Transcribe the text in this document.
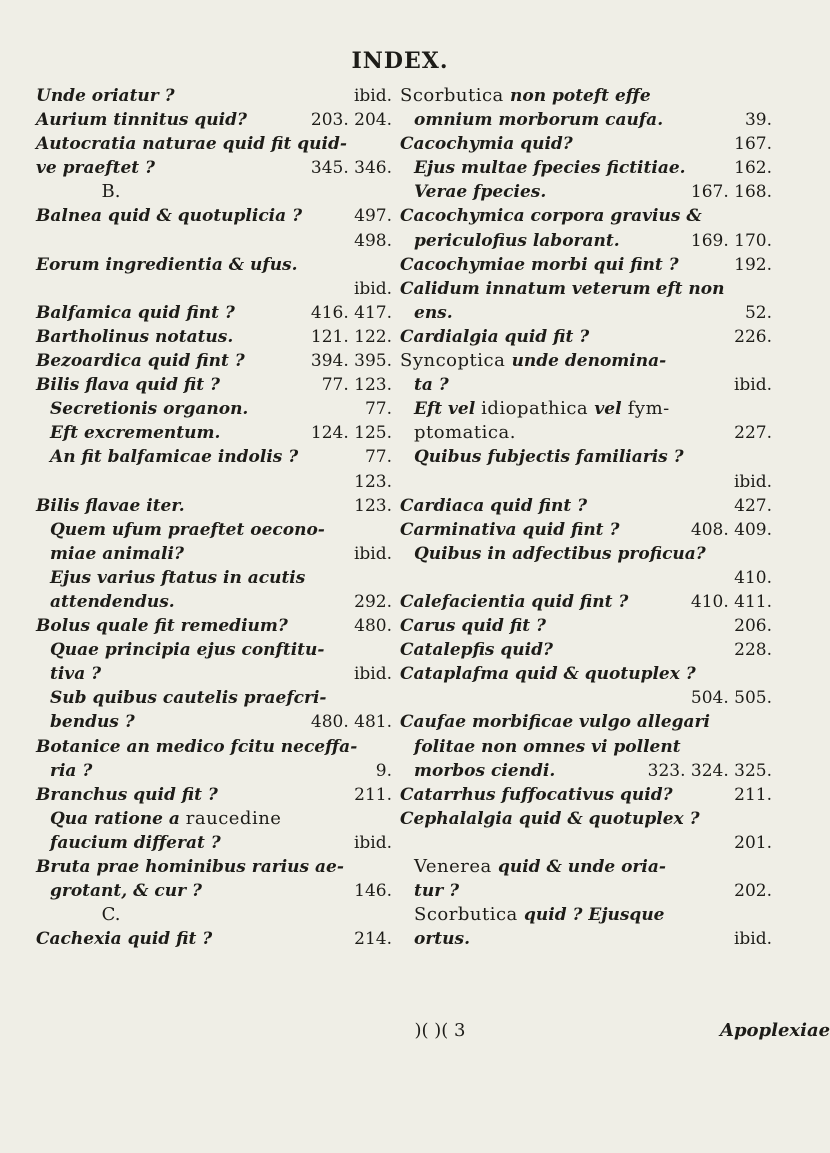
INDEX.
Unde oriatur ?	ibid.
Aurium tinnitus quid?	203. 204.
Autocratia naturae quid fit quid-
ve praeftet ?	345. 346.
B.
Balnea quid & quotuplicia ?	497.
498.
Eorum ingredientia & ufus.
ibid.
Balfamica quid fint ?	416. 417.
Bartholinus notatus.	121. 122.
Bezoardica quid fint ?	394. 395.
Bilis flava quid fit ?	77. 123.
Secretionis organon.	77.
Eft excrementum.	124. 125.
An fit balfamicae indolis ?	77.
123.
Bilis flavae iter.	123.
Quem ufum praeftet oecono-
miae animali?	ibid.
Ejus varius ftatus in acutis
attendendus.	292.
Bolus quale fit remedium?	480.
Quae principia ejus conftitu-
tiva ?	ibid.
Sub quibus cautelis praefcri-
bendus ?	480. 481.
Botanice an medico fcitu neceffa-
ria ?	9.
Branchus quid fit ?	211.
Qua ratione a raucedine
faucium differat ?	ibid.
Bruta prae hominibus rarius ae-
grotant, & cur ?	146.
C.
Cachexia quid fit ?	214.
Scorbutica non poteft effe
omnium morborum caufa.	39.
Cacochymia quid?	167.
Ejus multae fpecies fictitiae.	162.
Verae fpecies.	167. 168.
Cacochymica corpora gravius &
periculofius laborant.	169. 170.
Cacochymiae morbi qui fint ?	192.
Calidum innatum veterum eft non
ens.	52.
Cardialgia quid fit ?	226.
Syncoptica unde denomina-
ta ?	ibid.
Eft vel idiopathica vel fym-
ptomatica.	227.
Quibus fubjectis familiaris ?
ibid.
Cardiaca quid fint ?	427.
Carminativa quid fint ?	408. 409.
Quibus in adfectibus proficua?
410.
Calefacientia quid fint ?	410. 411.
Carus quid fit ?	206.
Catalepfis quid?	228.
Cataplafma quid & quotuplex ?
504. 505.
Caufae morbificae vulgo allegari
folitae non omnes vi pollent
morbos ciendi.	323. 324. 325.
Catarrhus fuffocativus quid?	211.
Cephalalgia quid & quotuplex ?
201.
Venerea quid & unde oria-
tur ?	202.
Scorbutica quid ? Ejusque
ortus.	ibid.
)( )( 3	Apoplexiae
